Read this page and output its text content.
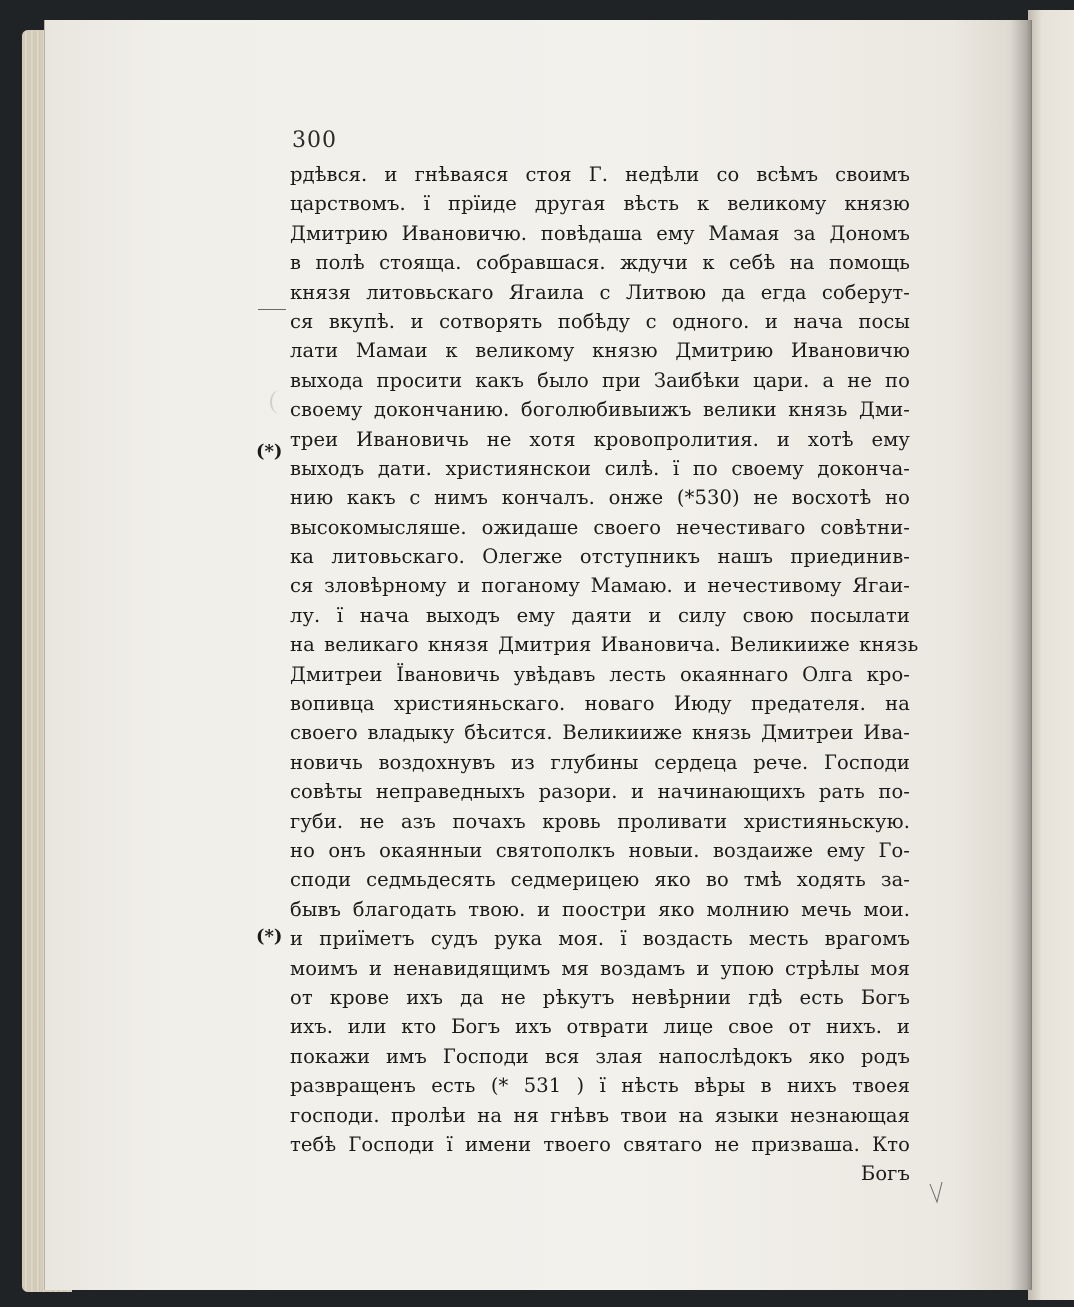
300
(*)
(*)
рдѣвся. и гнѣваяся стоя Г. недѣли со всѣмъ своимъ
царствомъ. ї прїиде другая вѣсть к великому князю
Дмитрию Ивановичю. повѣдаша ему Мамая за Дономъ
в полѣ стояща. собравшася. ждучи к себѣ на помощь
князя литовьскаго Ягаила с Литвою да егда соберут-
ся вкупѣ. и сотворять побѣду с одного. и нача посы
лати Мамаи к великому князю Дмитрию Ивановичю
выхода просити какъ было при Заибѣки цари. а не по
своему докончанию. боголюбивыижъ велики князь Дми-
треи Ивановичь не хотя кровопролития. и хотѣ ему
выходъ дати. християнскои силѣ. ї по своему доконча-
нию какъ с нимъ кончалъ. онже (*530) не восхотѣ но
высокомысляше. ожидаше своего нечестиваго совѣтни-
ка литовьскаго. Олегже отступникъ нашъ приединив-
ся зловѣрному и поганому Мамаю. и нечестивому Ягаи-
лу. ї нача выходъ ему даяти и силу свою посылати
на великаго князя Дмитрия Ивановича. Великиижe князь
Дмитреи Ївановичь увѣдавъ лесть окаяннаго Олга кро-
вопивца християньскаго. новаго Июду предателя. на
своего владыку бѣсится. Великиижe князь Дмитреи Ива-
новичь воздохнувъ из глубины сердеца рече. Господи
совѣты неправедныхъ разори. и начинающихъ рать по-
губи. не азъ почахъ кровь проливати християньскую.
но онъ окаянныи святополкъ новыи. воздаиже ему Го-
споди седмьдесять седмерицею яко во тмѣ ходять за-
бывъ благодать твою. и поостри яко молнию мечь мои.
и приїметъ судъ рука моя. ї воздасть месть врагомъ
моимъ и ненавидящимъ мя воздамъ и упою стрѣлы моя
от крове ихъ да не рѣкутъ невѣрнии гдѣ есть Богъ
ихъ. или кто Богъ ихъ отврати лице свое от нихъ. и
покажи имъ Господи вся злая напослѣдокъ яко родъ
развращенъ есть (* 531 ) ї нѣсть вѣры в нихъ твоея
господи. пролѣи на ня гнѣвъ твои на языки незнающая
тебѣ Господи ї имени твоего святаго не призваша. Кто
Богъ
